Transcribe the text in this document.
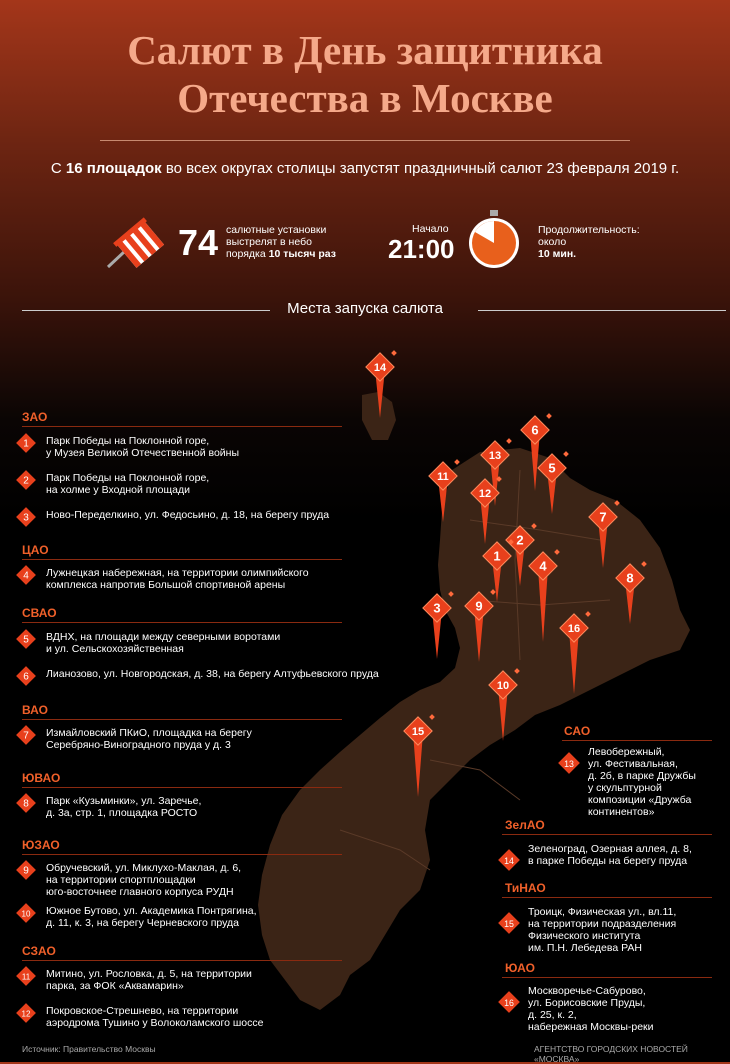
Салют в День защитника
Отечества в Москве
С 16 площадок во всех округах столицы запустят праздничный салют 23 февраля 2019 г.
74 салютные установки
выстрелят в небо
порядка 10 тысяч раз
Начало
21:00
Продолжительность:
около
10 мин.
Места запуска салюта
14
6
13
5
11
12
7
2
1
4
8
3	9
16
10
15
ЗАО
1 Парк Победы на Поклонной горе,
у Музея Великой Отечественной войны
2 Парк Победы на Поклонной горе,
на холме у Входной площади
3 Ново-Переделкино, ул. Федосьино, д. 18, на берегу пруда
ЦАО
4 Лужнецкая набережная, на территории олимпийского
комплекса напротив Большой спортивной арены
СВАО
5 ВДНХ, на площади между северными воротами
и ул. Сельскохозяйственная
6 Лианозово, ул. Новгородская, д. 38, на берегу Алтуфьевского пруда
ВАО
7 Измайловский ПКиО, площадка на берегу
Серебряно-Виноградного пруда у д. 3
ЮВАО
8 Парк «Кузьминки», ул. Заречье,
д. 3а, стр. 1, площадка РОСТО
ЮЗАО
9 Обручевский, ул. Миклухо-Маклая, д. 6,
на территории спортплощадки
юго-восточнее главного корпуса РУДН
10 Южное Бутово, ул. Академика Понтрягина,
д. 11, к. 3, на берегу Черневского пруда
СЗАО
11 Митино, ул. Рословка, д. 5, на территории
парка, за ФОК «Аквамарин»
12 Покровское-Стрешнево, на территории
аэродрома Тушино у Волоколамского шоссе
САО
13
Левобережный,
ул. Фестивальная,
д. 2б, в парке Дружбы
у скульптурной
композиции «Дружба
континентов»
ЗелАО
14
Зеленоград, Озерная аллея, д. 8,
в парке Победы на берегу пруда
ТиНАО
15
Троицк, Физическая ул., вл.11,
на территории подразделения
Физического института
им. П.Н. Лебедева РАН
ЮАО
16
Москворечье-Сабурово,
ул. Борисовские Пруды,
д. 25, к. 2,
набережная Москвы-реки
Источник: Правительство Москвы	АГЕНТСТВО ГОРОДСКИХ НОВОСТЕЙ «МОСКВА»
